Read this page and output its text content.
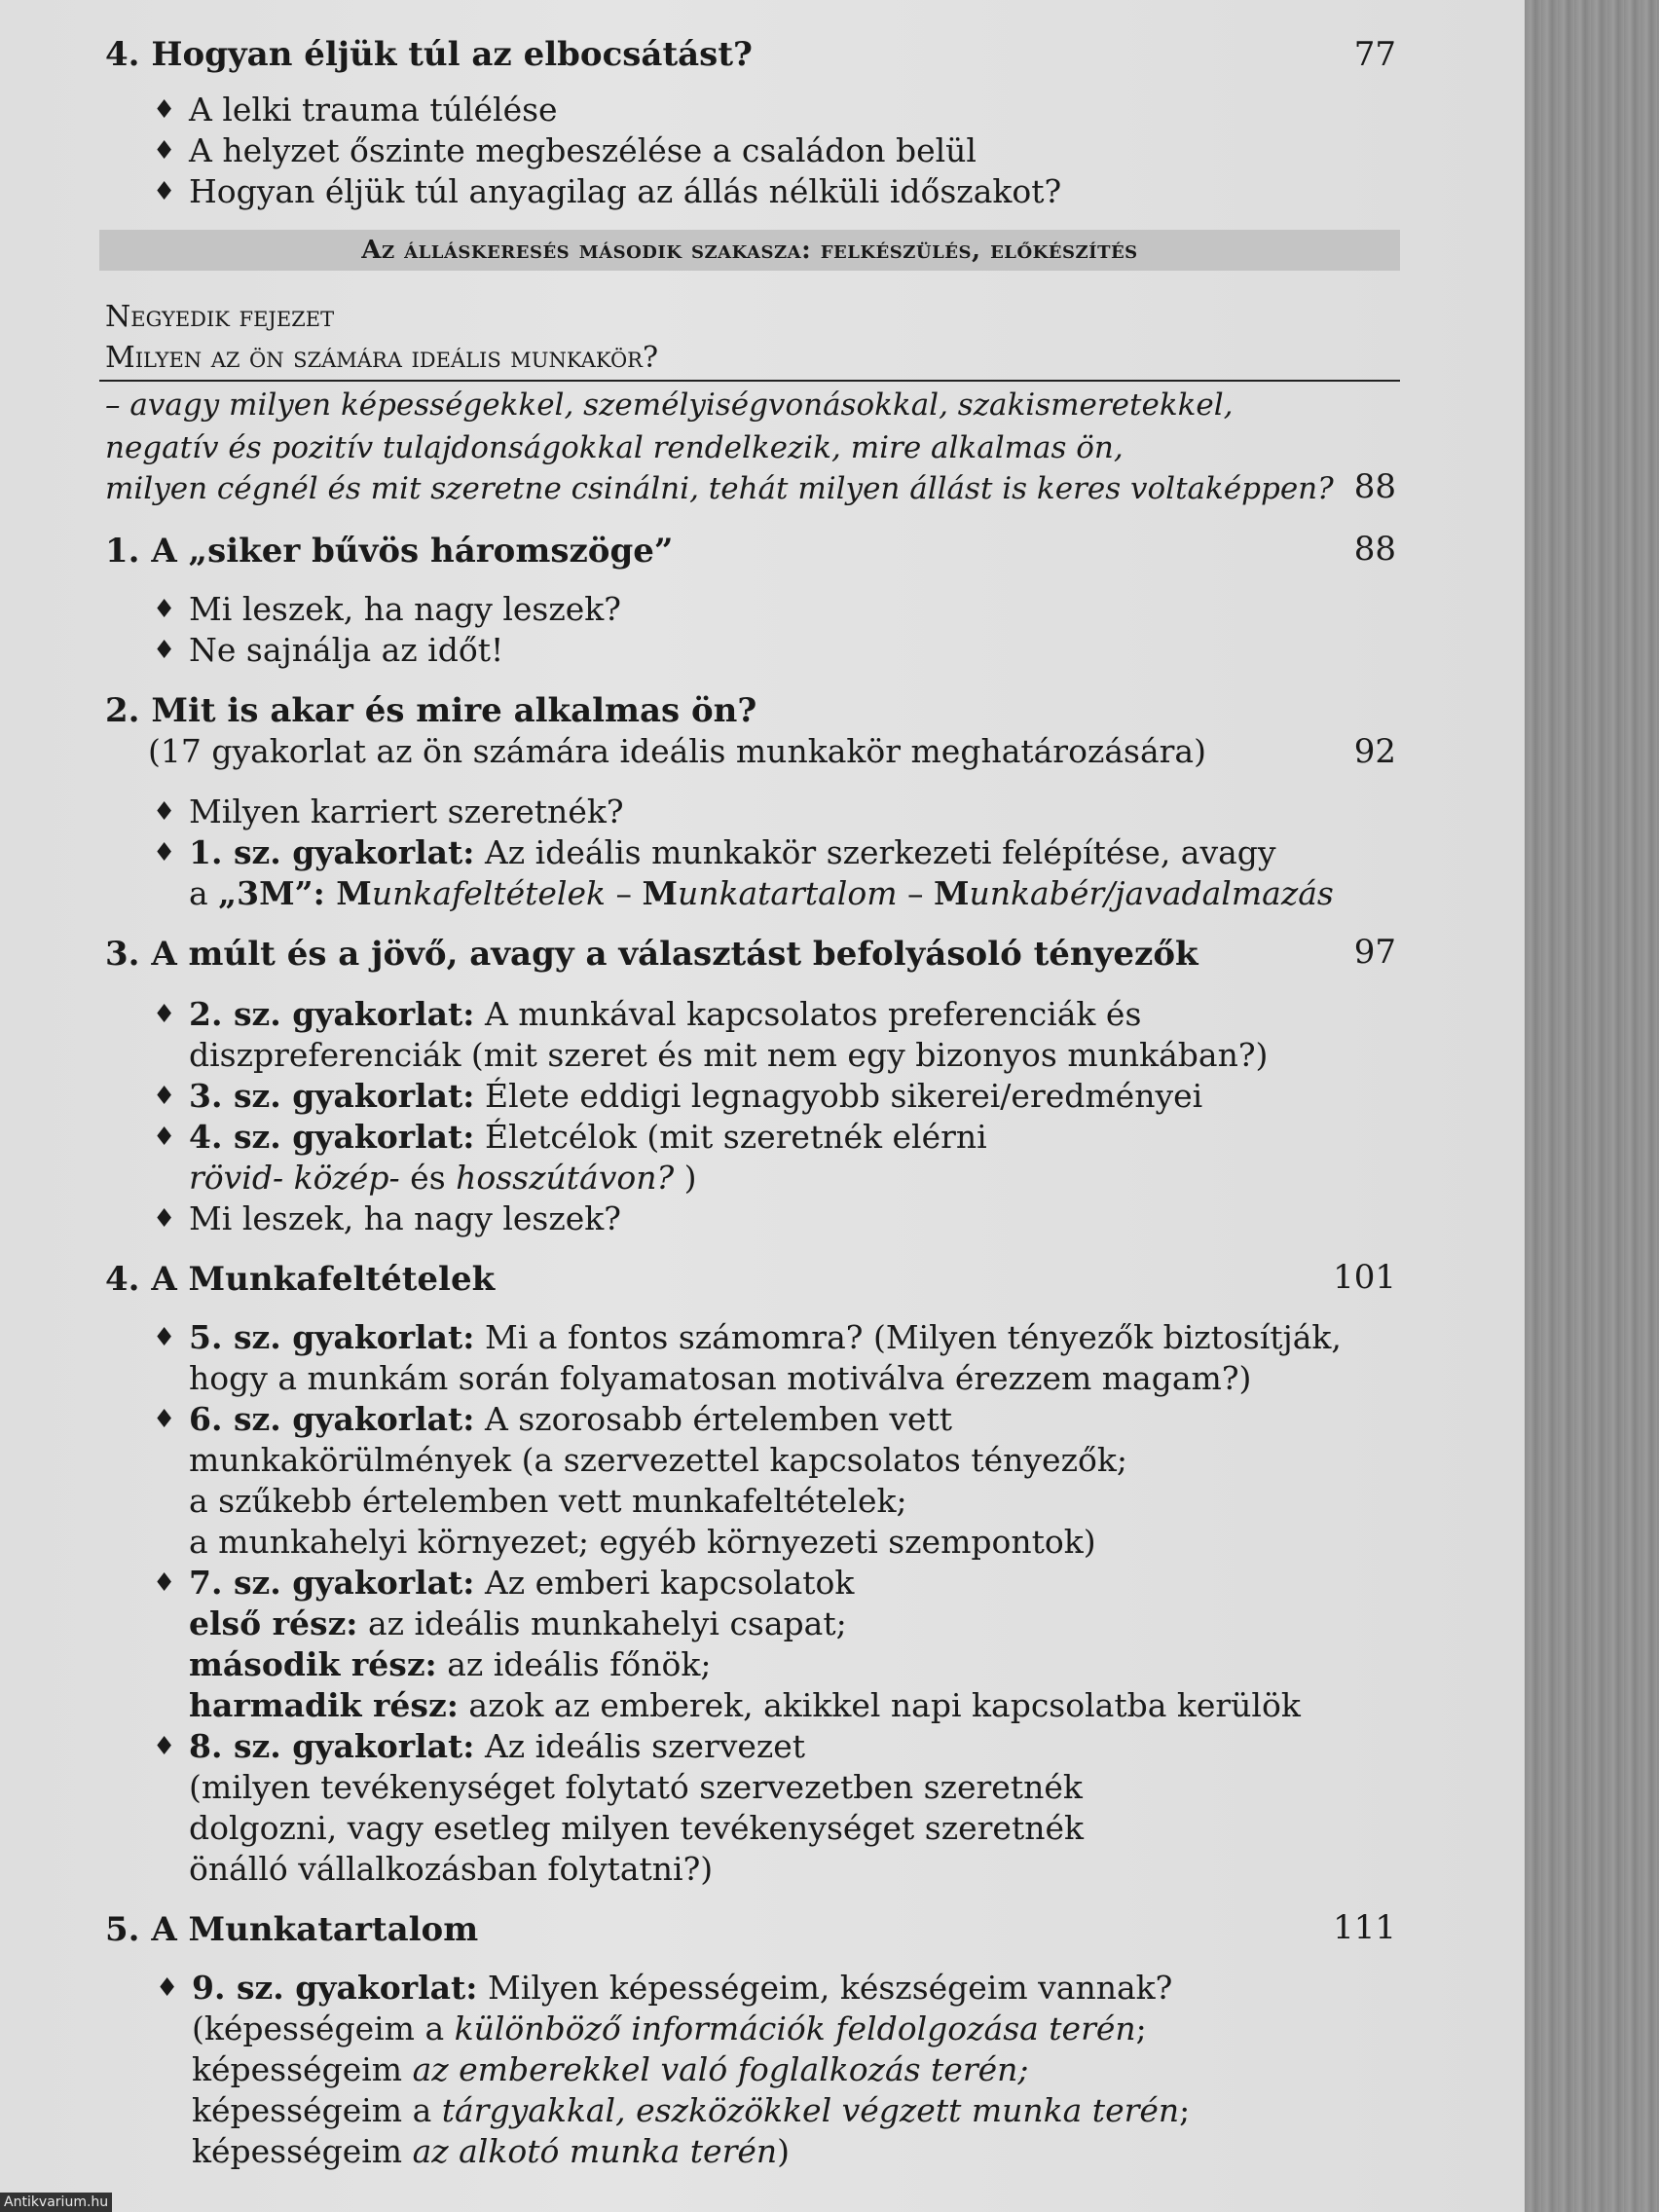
4. Hogyan éljük túl az elbocsátást?	77
♦ A lelki trauma túlélése
♦ A helyzet őszinte megbeszélése a családon belül
♦ Hogyan éljük túl anyagilag az állás nélküli időszakot?
Az álláskeresés második szakasza: felkészülés, előkészítés
Negyedik fejezet
Milyen az ön számára ideális munkakör?
– avagy milyen képességekkel, személyiségvonásokkal, szakismeretekkel,
negatív és pozitív tulajdonságokkal rendelkezik, mire alkalmas ön,
milyen cégnél és mit szeretne csinálni, tehát milyen állást is keres voltaképpen? 88
1. A „siker bűvös háromszöge”	88
♦ Mi leszek, ha nagy leszek?
♦ Ne sajnálja az időt!
2. Mit is akar és mire alkalmas ön?
(17 gyakorlat az ön számára ideális munkakör meghatározására)	92
♦ Milyen karriert szeretnék?
♦ 1. sz. gyakorlat: Az ideális munkakör szerkezeti felépítése, avagy
a „3M”: Munkafeltételek – Munkatartalom – Munkabér/javadalmazás
3. A múlt és a jövő, avagy a választást befolyásoló tényezők	97
♦ 2. sz. gyakorlat: A munkával kapcsolatos preferenciák és
diszpreferenciák (mit szeret és mit nem egy bizonyos munkában?)
♦ 3. sz. gyakorlat: Élete eddigi legnagyobb sikerei/eredményei
♦ 4. sz. gyakorlat: Életcélok (mit szeretnék elérni
rövid- közép- és hosszútávon? )
♦ Mi leszek, ha nagy leszek?
4. A Munkafeltételek	101
♦ 5. sz. gyakorlat: Mi a fontos számomra? (Milyen tényezők biztosítják,
hogy a munkám során folyamatosan motiválva érezzem magam?)
♦ 6. sz. gyakorlat: A szorosabb értelemben vett
munkakörülmények (a szervezettel kapcsolatos tényezők;
a szűkebb értelemben vett munkafeltételek;
a munkahelyi környezet; egyéb környezeti szempontok)
♦ 7. sz. gyakorlat: Az emberi kapcsolatok
első rész: az ideális munkahelyi csapat;
második rész: az ideális főnök;
harmadik rész: azok az emberek, akikkel napi kapcsolatba kerülök
♦ 8. sz. gyakorlat: Az ideális szervezet
(milyen tevékenységet folytató szervezetben szeretnék
dolgozni, vagy esetleg milyen tevékenységet szeretnék
önálló vállalkozásban folytatni?)
5. A Munkatartalom	111
♦ 9. sz. gyakorlat: Milyen képességeim, készségeim vannak?
(képességeim a különböző információk feldolgozása terén;
képességeim az emberekkel való foglalkozás terén;
képességeim a tárgyakkal, eszközökkel végzett munka terén;
képességeim az alkotó munka terén)
Antikvarium.hu
